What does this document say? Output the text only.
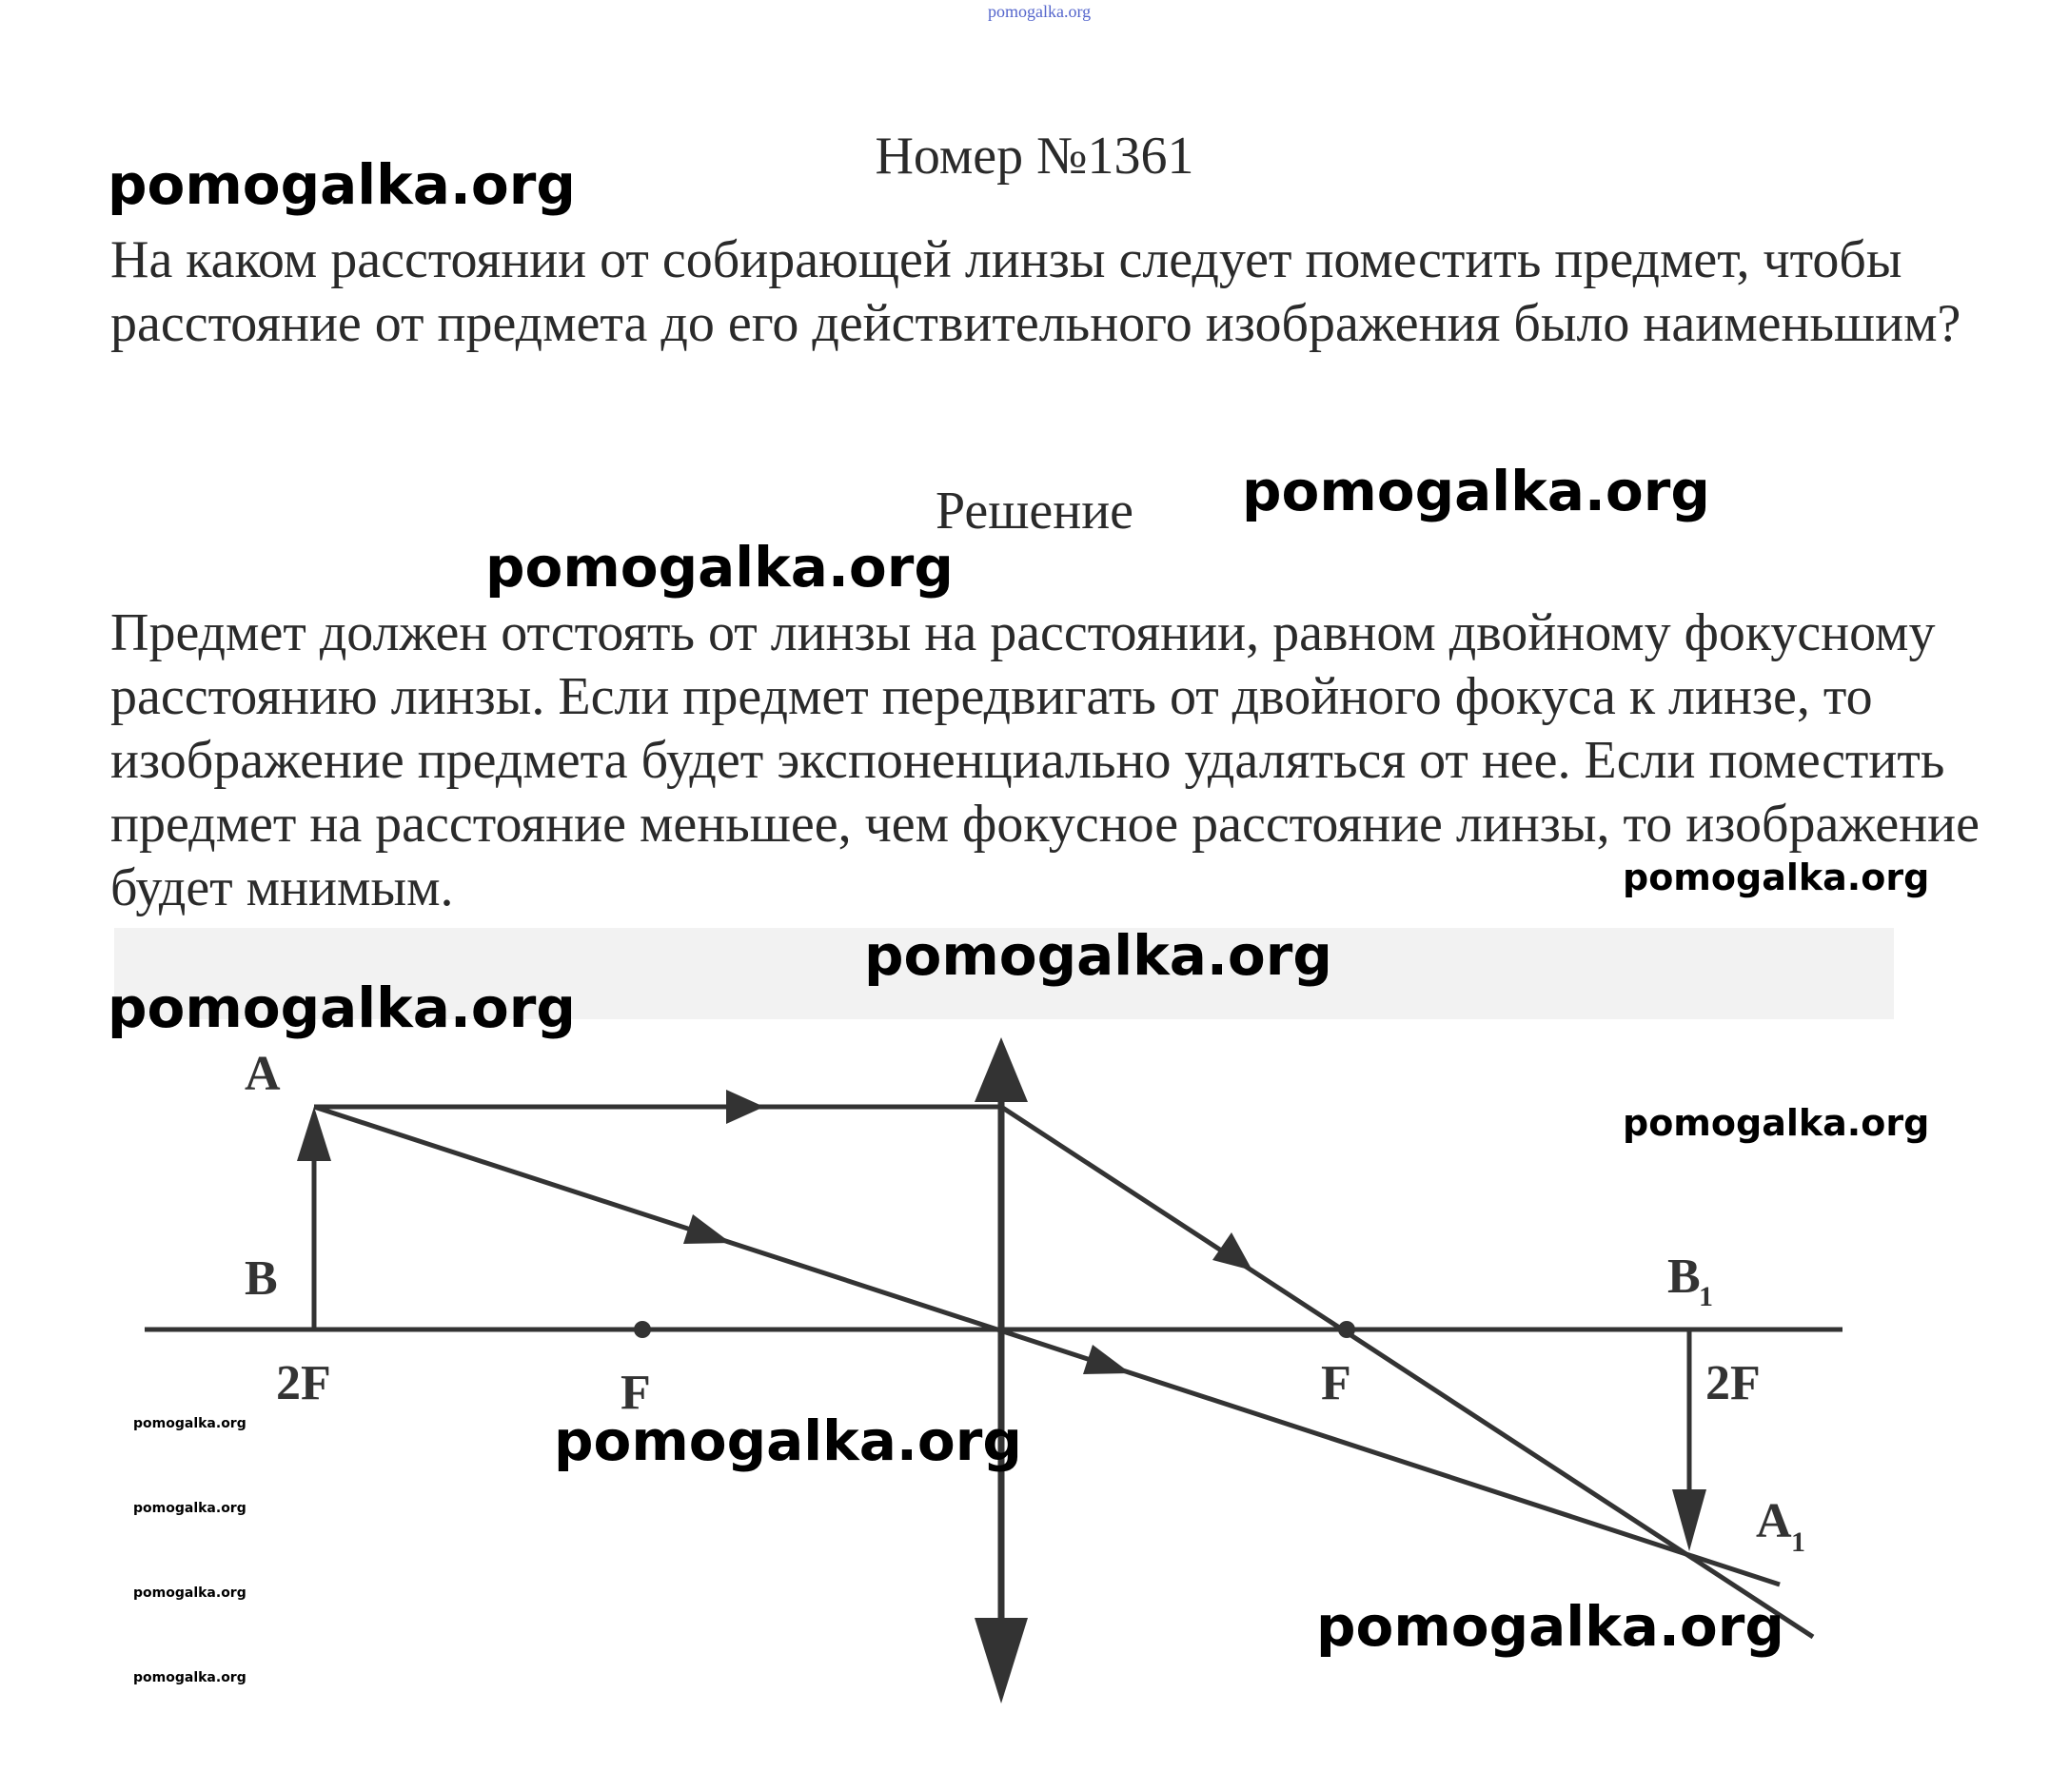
pomogalka.org
Номер №1361

На каком расстоянии от собирающей линзы следует поместить предмет, чтобы расстояние от предмета до его действительного изображения было наименьшим?

Решение

Предмет должен отстоять от линзы на расстоянии, равном двойному фокусному расстоянию линзы. Если предмет передвигать от двойного фокуса к линзе, то изображение предмета будет экспоненциально удаляться от нее. Если поместить предмет на расстояние меньшее, чем фокусное расстояние линзы, то изображение будет мнимым.

A
B
2F	F	F
B
1
2F
A 1
pomogalka.org
pomogalka.org
pomogalka.org
pomogalka.org
pomogalka.org
pomogalka.org
pomogalka.org
pomogalka.org
pomogalka.org
pomogalka.org
pomogalka.org
pomogalka.org
pomogalka.org
